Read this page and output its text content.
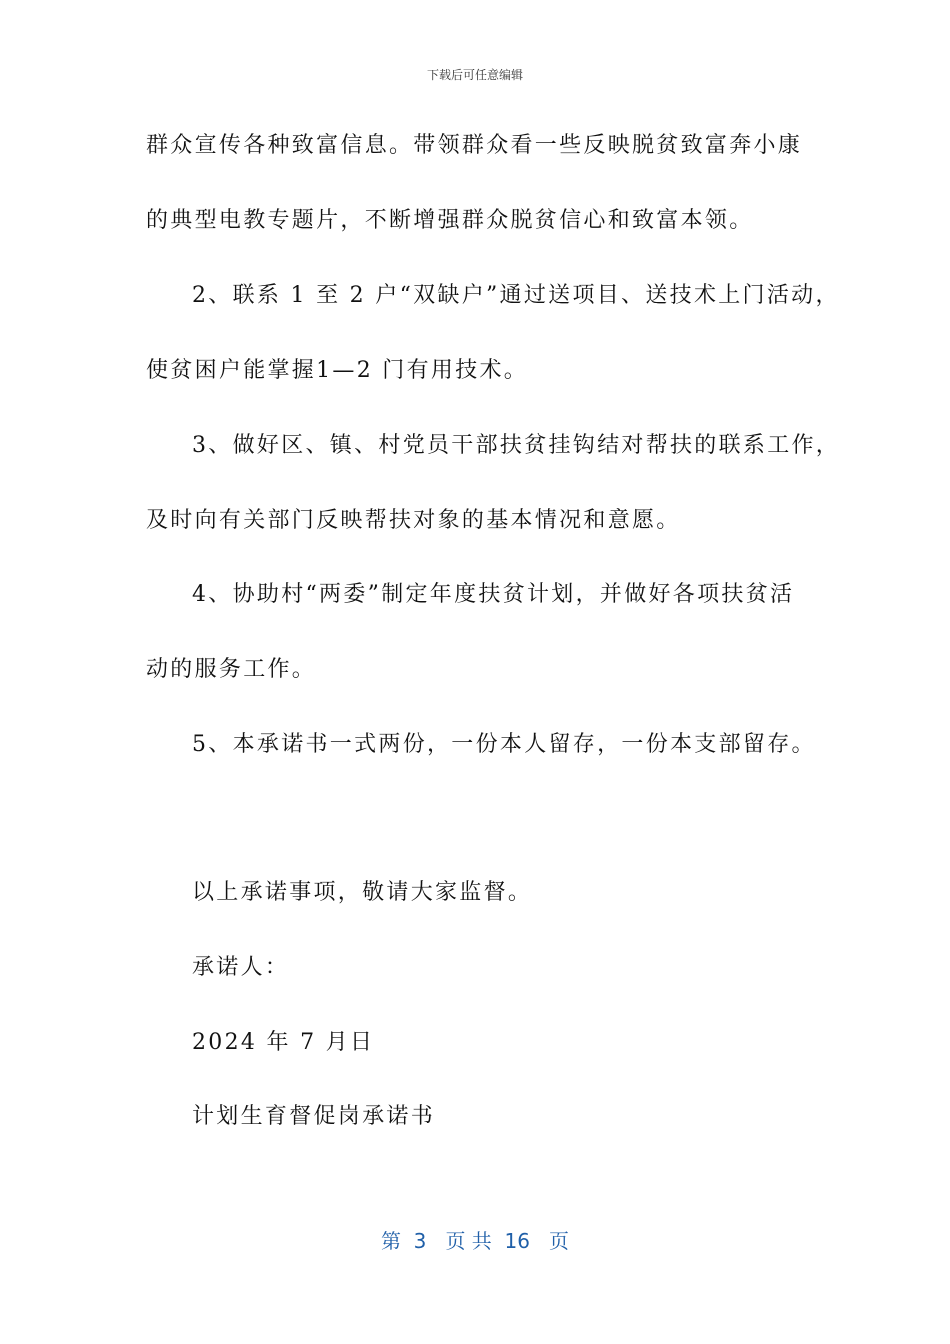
下载后可任意编辑
群众宣传各种致富信息。带领群众看一些反映脱贫致富奔小康
的典型电教专题片，不断增强群众脱贫信心和致富本领。
2、联系 1 至 2 户“双缺户”通过送项目、送技术上门活动，
使贫困户能掌握1—2 门有用技术。
3、做好区、镇、村党员干部扶贫挂钩结对帮扶的联系工作，
及时向有关部门反映帮扶对象的基本情况和意愿。
4、协助村“两委”制定年度扶贫计划，并做好各项扶贫活
动的服务工作。
5、本承诺书一式两份，一份本人留存，一份本支部留存。
以上承诺事项，敬请大家监督。
承诺人：
2024 年 7 月日
计划生育督促岗承诺书
第  3   页 共  16   页
